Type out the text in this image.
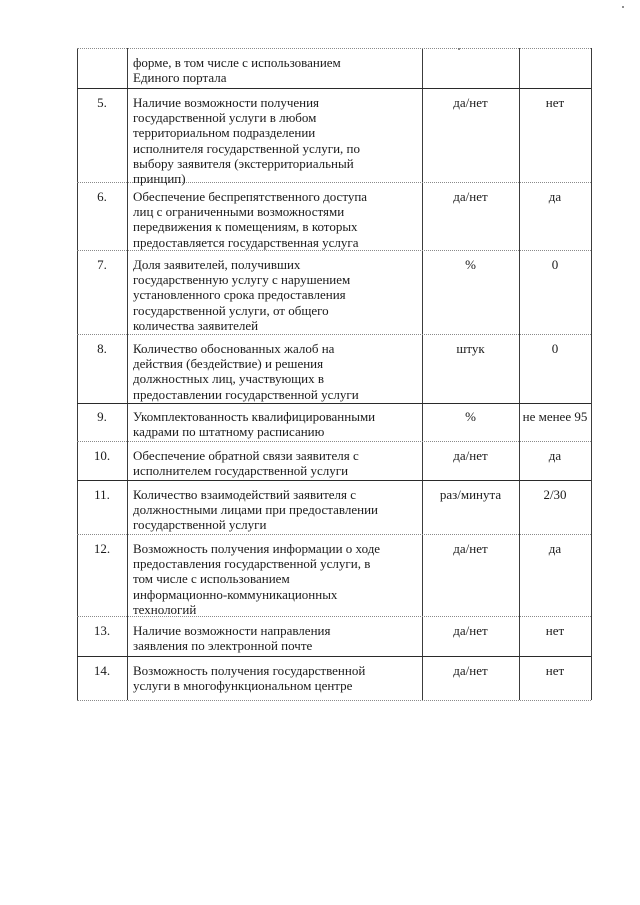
форме, в том числе с использованием
Единого портала
5.	Наличие возможности получения
государственной услуги в любом
территориальном подразделении
исполнителя государственной услуги, по
выбору заявителя (экстерриториальный
принцип)
да/нет	нет
6.	Обеспечение беспрепятственного доступа
лиц с ограниченными возможностями
передвижения к помещениям, в которых
предоставляется государственная услуга
да/нет	да
7.	Доля заявителей, получивших
государственную услугу с нарушением
установленного срока предоставления
государственной услуги, от общего
количества заявителей
%	0
8.	Количество обоснованных жалоб на
действия (бездействие) и решения
должностных лиц, участвующих в
предоставлении государственной услуги
штук	0
9.	Укомплектованность квалифицированными
кадрами по штатному расписанию
%	не менее 95
10.	Обеспечение обратной связи заявителя с
исполнителем государственной услуги
да/нет	да
11.	Количество взаимодействий заявителя с
должностными лицами при предоставлении
государственной услуги
раз/минута	2/30
12.	Возможность получения информации о ходе
предоставления государственной услуги, в
том числе с использованием
информационно-коммуникационных
технологий
да/нет	да
13.	Наличие возможности направления
заявления по электронной почте
да/нет	нет
14.	Возможность получения государственной
услуги в многофункциональном центре
да/нет	нет
